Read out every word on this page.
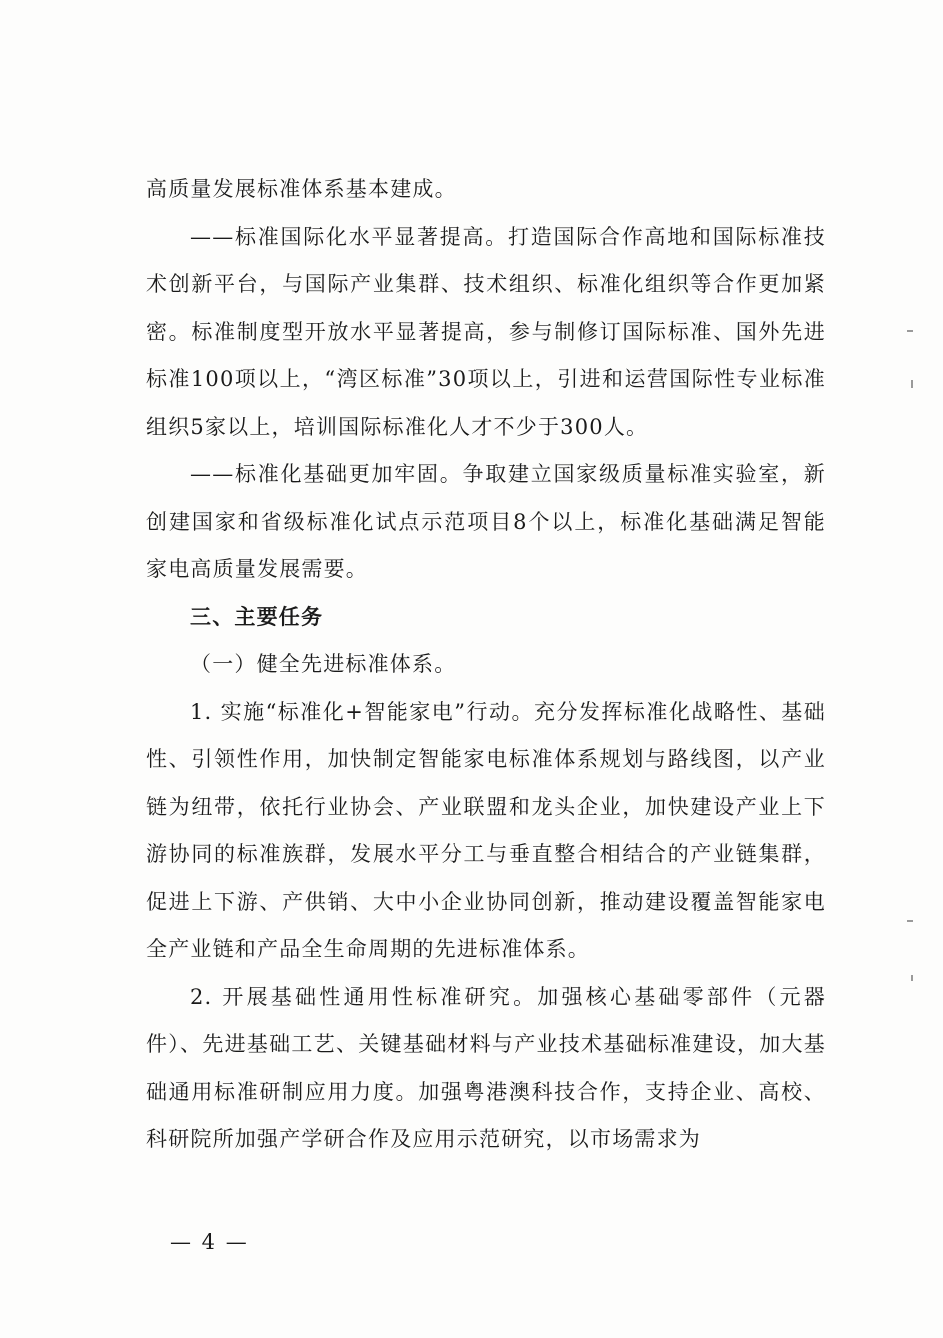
高质量发展标准体系基本建成。

——标准国际化水平显著提高。打造国际合作高地和国际标准技术创新平台，与国际产业集群、技术组织、标准化组织等合作更加紧密。标准制度型开放水平显著提高，参与制修订国际标准、国外先进标准100项以上，“湾区标准”30项以上，引进和运营国际性专业标准组织5家以上，培训国际标准化人才不少于300人。

——标准化基础更加牢固。争取建立国家级质量标准实验室，新创建国家和省级标准化试点示范项目8个以上，标准化基础满足智能家电高质量发展需要。

三、主要任务

（一）健全先进标准体系。

1. 实施“标准化+智能家电”行动。充分发挥标准化战略性、基础性、引领性作用，加快制定智能家电标准体系规划与路线图，以产业链为纽带，依托行业协会、产业联盟和龙头企业，加快建设产业上下游协同的标准族群，发展水平分工与垂直整合相结合的产业链集群，促进上下游、产供销、大中小企业协同创新，推动建设覆盖智能家电全产业链和产品全生命周期的先进标准体系。

2. 开展基础性通用性标准研究。加强核心基础零部件（元器件）、先进基础工艺、关键基础材料与产业技术基础标准建设，加大基础通用标准研制应用力度。加强粤港澳科技合作，支持企业、高校、科研院所加强产学研合作及应用示范研究，以市场需求为

— 4 —
